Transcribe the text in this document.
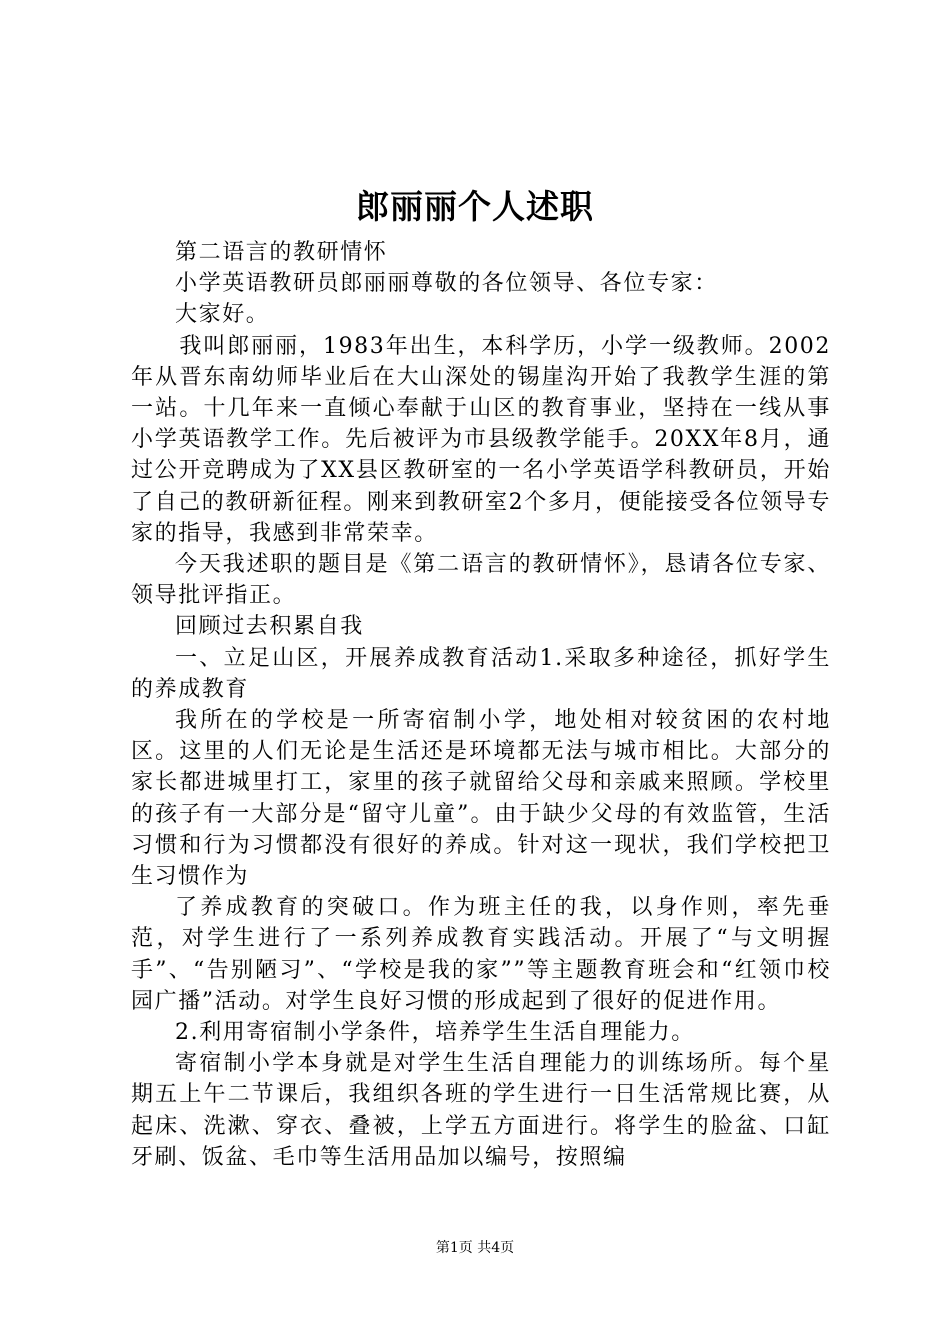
郎丽丽个人述职

第二语言的教研情怀

小学英语教研员郎丽丽尊敬的各位领导、各位专家：

大家好。

我叫郎丽丽，1983年出生，本科学历，小学一级教师。2002年从晋东南幼师毕业后在大山深处的锡崖沟开始了我教学生涯的第一站。十几年来一直倾心奉献于山区的教育事业，坚持在一线从事小学英语教学工作。先后被评为市县级教学能手。20XX年8月，通过公开竞聘成为了XX县区教研室的一名小学英语学科教研员，开始了自己的教研新征程。刚来到教研室2个多月，便能接受各位领导专家的指导，我感到非常荣幸。

今天我述职的题目是《第二语言的教研情怀》，恳请各位专家、领导批评指正。

回顾过去积累自我

一、立足山区，开展养成教育活动1.采取多种途径，抓好学生的养成教育

我所在的学校是一所寄宿制小学，地处相对较贫困的农村地区。这里的人们无论是生活还是环境都无法与城市相比。大部分的家长都进城里打工，家里的孩子就留给父母和亲戚来照顾。学校里的孩子有一大部分是“留守儿童”。由于缺少父母的有效监管，生活习惯和行为习惯都没有很好的养成。针对这一现状，我们学校把卫生习惯作为

了养成教育的突破口。作为班主任的我，以身作则，率先垂范，对学生进行了一系列养成教育实践活动。开展了“与文明握手”、“告别陋习”、“学校是我的家””等主题教育班会和“红领巾校园广播”活动。对学生良好习惯的形成起到了很好的促进作用。

2.利用寄宿制小学条件，培养学生生活自理能力。

寄宿制小学本身就是对学生生活自理能力的训练场所。每个星期五上午二节课后，我组织各班的学生进行一日生活常规比赛，从起床、洗漱、穿衣、叠被，上学五方面进行。将学生的脸盆、口缸牙刷、饭盆、毛巾等生活用品加以编号，按照编

第1页 共4页
